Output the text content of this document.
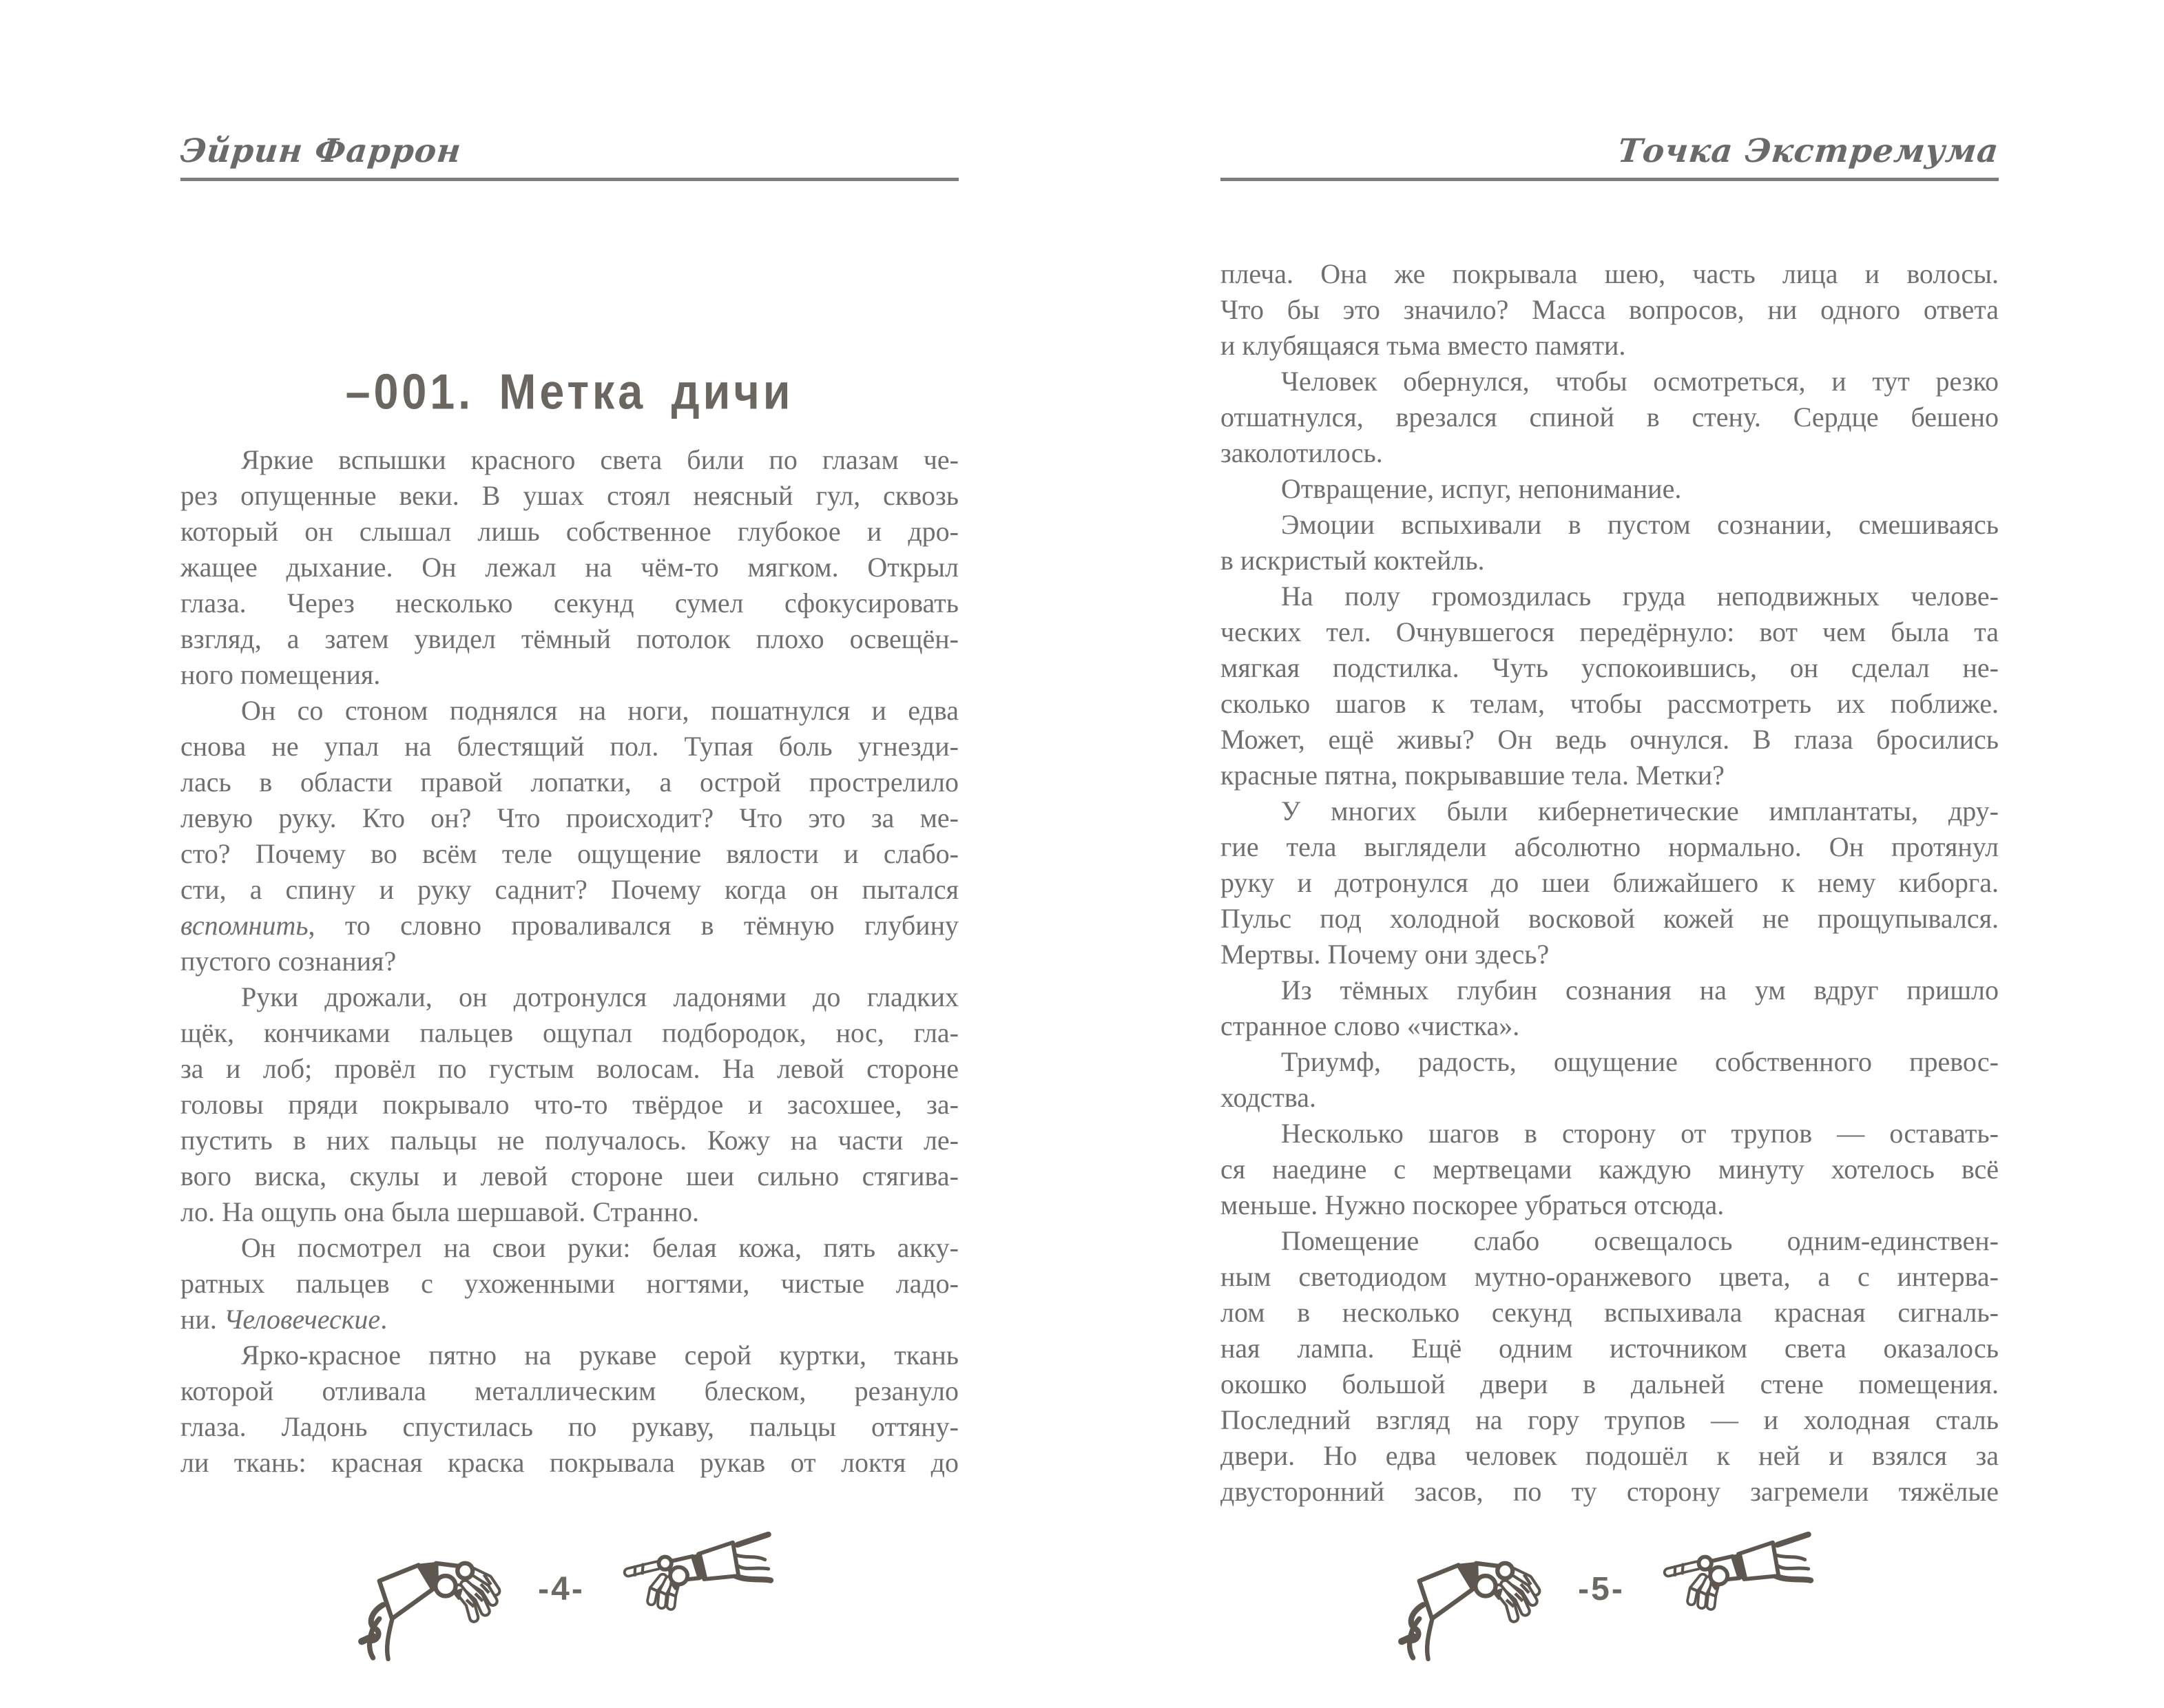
Эйрин Фаррон
–001. Метка дичи
Яркие вспышки красного света били по глазам че-
рез опущенные веки. В ушах стоял неясный гул, сквозь
который он слышал лишь собственное глубокое и дро-
жащее дыхание. Он лежал на чём-то мягком. Открыл
глаза. Через несколько секунд сумел сфокусировать
взгляд, а затем увидел тёмный потолок плохо освещён-
ного помещения.
Он со стоном поднялся на ноги, пошатнулся и едва
снова не упал на блестящий пол. Тупая боль угнезди-
лась в области правой лопатки, а острой прострелило
левую руку. Кто он? Что происходит? Что это за ме-
сто? Почему во всём теле ощущение вялости и слабо-
сти, а спину и руку саднит? Почему когда он пытался
вспомнить, то словно проваливался в тёмную глубину
пустого сознания?
Руки дрожали, он дотронулся ладонями до гладких
щёк, кончиками пальцев ощупал подбородок, нос, гла-
за и лоб; провёл по густым волосам. На левой стороне
головы пряди покрывало что-то твёрдое и засохшее, за-
пустить в них пальцы не получалось. Кожу на части ле-
вого виска, скулы и левой стороне шеи сильно стягива-
ло. На ощупь она была шершавой. Странно.
Он посмотрел на свои руки: белая кожа, пять акку-
ратных пальцев с ухоженными ногтями, чистые ладо-
ни. Человеческие.
Ярко-красное пятно на рукаве серой куртки, ткань
которой отливала металлическим блеском, резануло
глаза. Ладонь спустилась по рукаву, пальцы оттяну-
ли ткань: красная краска покрывала рукав от локтя до
-4-
Точка Экстремума
плеча. Она же покрывала шею, часть лица и волосы.
Что бы это значило? Масса вопросов, ни одного ответа
и клубящаяся тьма вместо памяти.
Человек обернулся, чтобы осмотреться, и тут резко
отшатнулся, врезался спиной в стену. Сердце бешено
заколотилось.
Отвращение, испуг, непонимание.
Эмоции вспыхивали в пустом сознании, смешиваясь
в искристый коктейль.
На полу громоздилась груда неподвижных челове-
ческих тел. Очнувшегося передёрнуло: вот чем была та
мягкая подстилка. Чуть успокоившись, он сделал не-
сколько шагов к телам, чтобы рассмотреть их поближе.
Может, ещё живы? Он ведь очнулся. В глаза бросились
красные пятна, покрывавшие тела. Метки?
У многих были кибернетические имплантаты, дру-
гие тела выглядели абсолютно нормально. Он протянул
руку и дотронулся до шеи ближайшего к нему киборга.
Пульс под холодной восковой кожей не прощупывался.
Мертвы. Почему они здесь?
Из тёмных глубин сознания на ум вдруг пришло
странное слово «чистка».
Триумф, радость, ощущение собственного превос-
ходства.
Несколько шагов в сторону от трупов — оставать-
ся наедине с мертвецами каждую минуту хотелось всё
меньше. Нужно поскорее убраться отсюда.
Помещение слабо освещалось одним-единствен-
ным светодиодом мутно-оранжевого цвета, а с интерва-
лом в несколько секунд вспыхивала красная сигналь-
ная лампа. Ещё одним источником света оказалось
окошко большой двери в дальней стене помещения.
Последний взгляд на гору трупов — и холодная сталь
двери. Но едва человек подошёл к ней и взялся за
двусторонний засов, по ту сторону загремели тяжёлые
-5-
